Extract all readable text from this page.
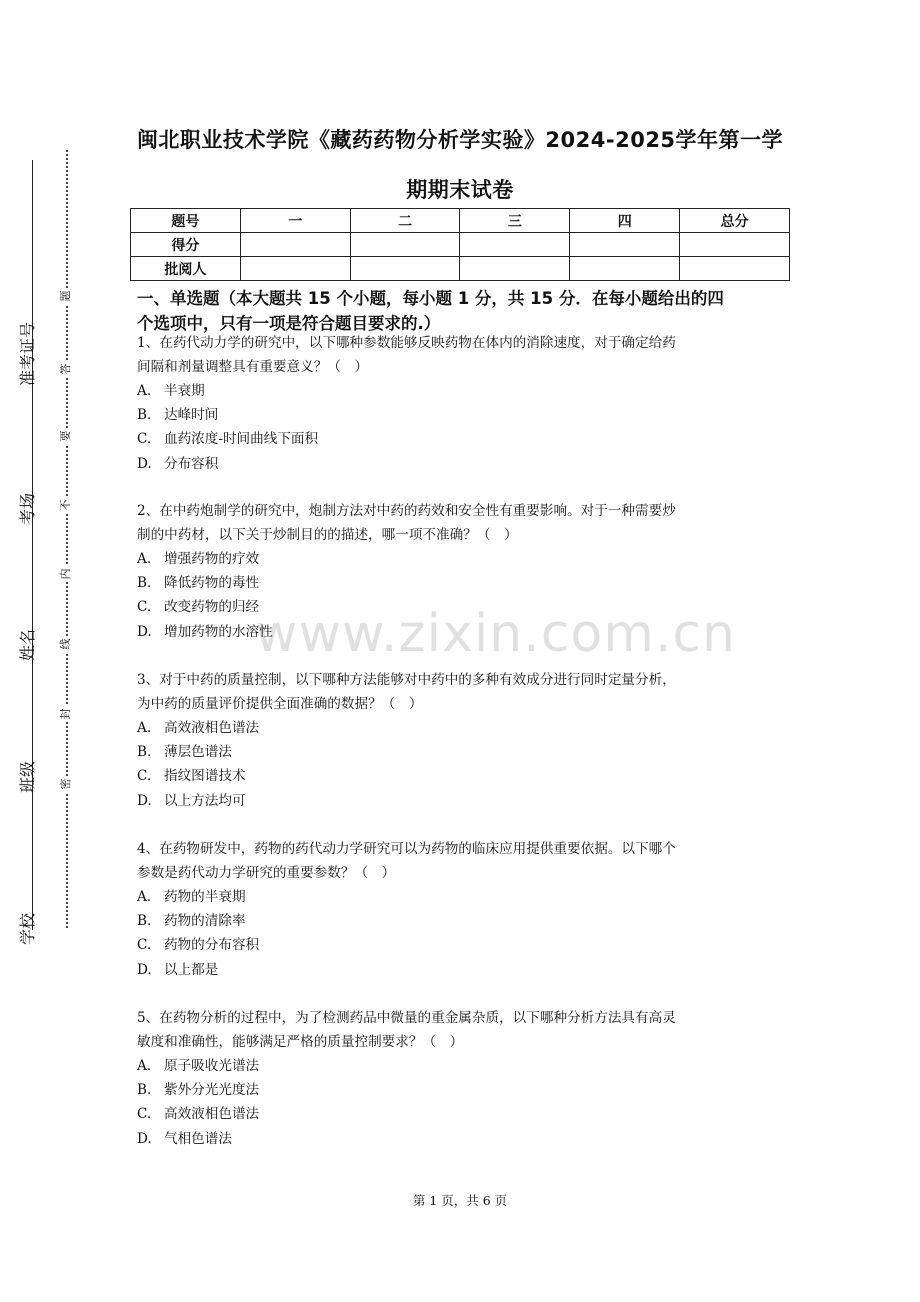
准考证号
考场
姓名
班级
学校
题
答
要
不
内
线
封
密
闽北职业技术学院《藏药药物分析学实验》2024-2025学年第一学
期期末试卷
题号	一	二	三	四	总分
得分					
批阅人					
一、单选题（本大题共 15 个小题，每小题 1 分，共 15 分．在每小题给出的四
个选项中，只有一项是符合题目要求的.）
1、在药代动力学的研究中，以下哪种参数能够反映药物在体内的消除速度，对于确定给药
间隔和剂量调整具有重要意义？（　）
A. 半衰期
B. 达峰时间
C. 血药浓度-时间曲线下面积
D. 分布容积
2、在中药炮制学的研究中，炮制方法对中药的药效和安全性有重要影响。对于一种需要炒
制的中药材，以下关于炒制目的的描述，哪一项不准确？（　）
A. 增强药物的疗效
B. 降低药物的毒性
C. 改变药物的归经
D. 增加药物的水溶性
3、对于中药的质量控制，以下哪种方法能够对中药中的多种有效成分进行同时定量分析，
为中药的质量评价提供全面准确的数据？（　）
A. 高效液相色谱法
B. 薄层色谱法
C. 指纹图谱技术
D. 以上方法均可
4、在药物研发中，药物的药代动力学研究可以为药物的临床应用提供重要依据。以下哪个
参数是药代动力学研究的重要参数？（　）
A. 药物的半衰期
B. 药物的清除率
C. 药物的分布容积
D. 以上都是
5、在药物分析的过程中，为了检测药品中微量的重金属杂质，以下哪种分析方法具有高灵
敏度和准确性，能够满足严格的质量控制要求？（　）
A. 原子吸收光谱法
B. 紫外分光光度法
C. 高效液相色谱法
D. 气相色谱法
www.zixin.com.cn
第 1 页，共 6 页
